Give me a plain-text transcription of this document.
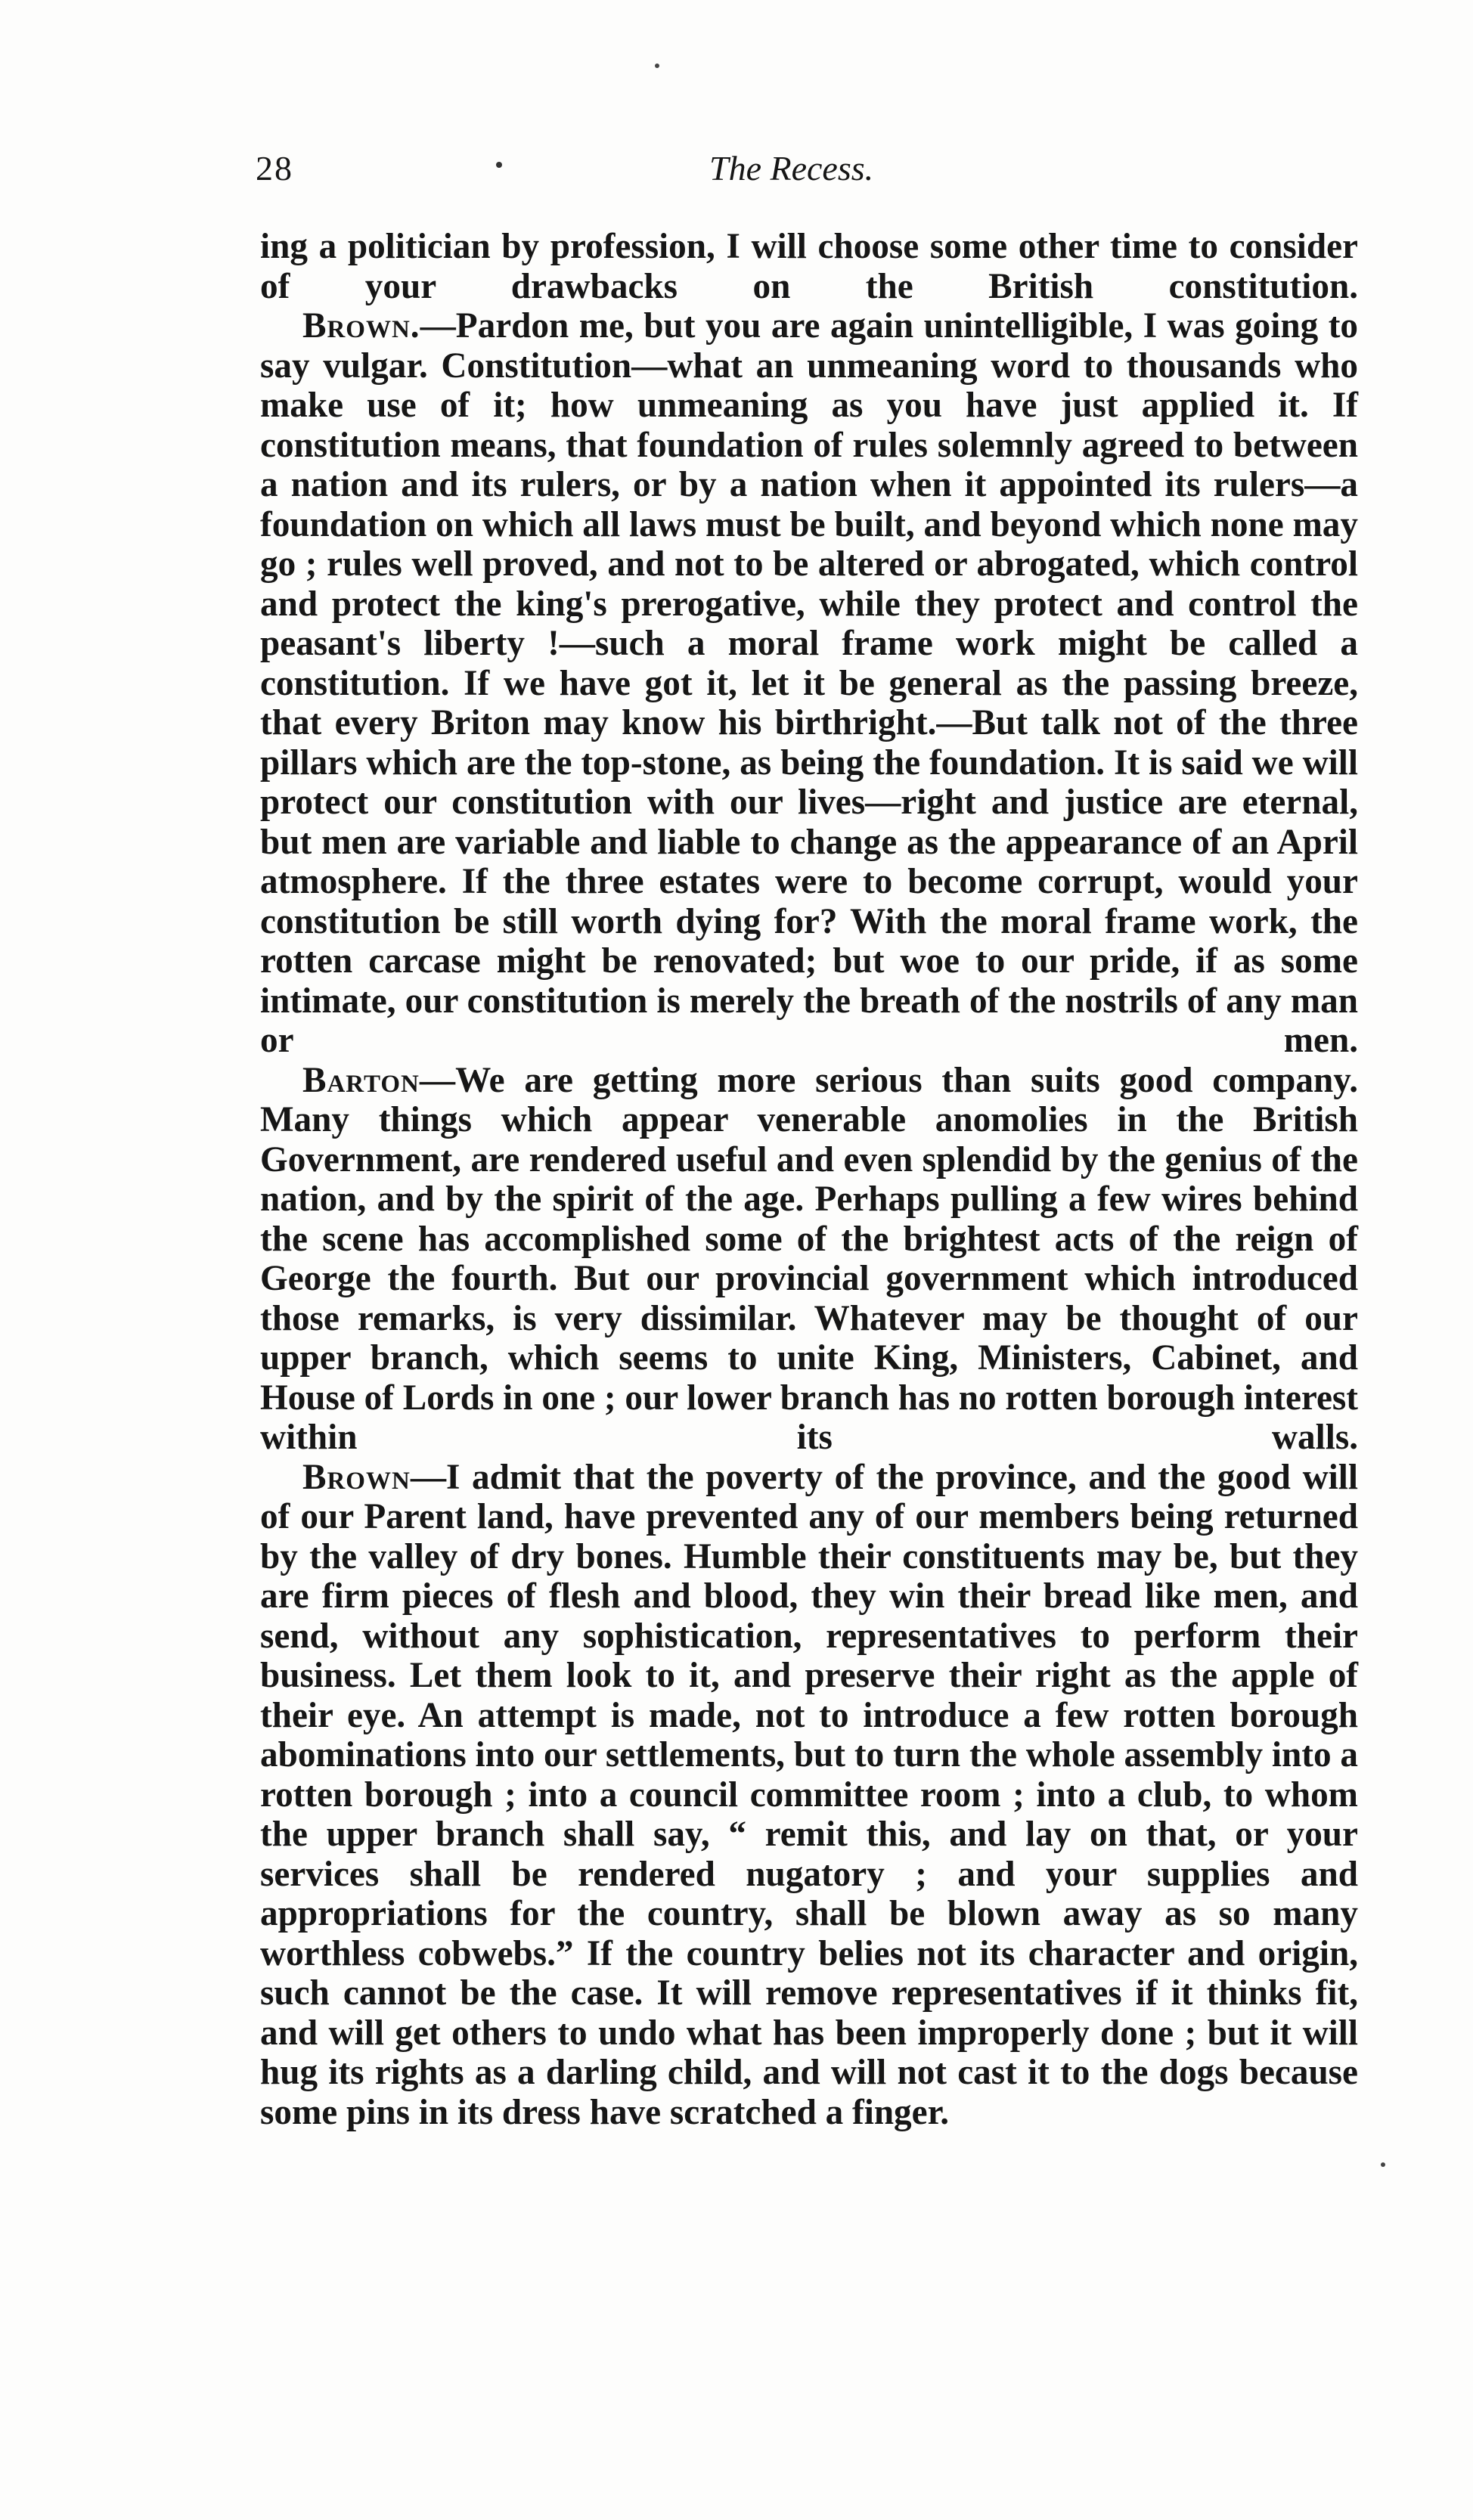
28	The Recess.

ing a politician by profession, I will choose some other time to consider of your drawbacks on the British constitution.

Brown.—Pardon me, but you are again unintelligible, I was going to say vulgar. Constitution—what an unmeaning word to thousands who make use of it; how unmeaning as you have just applied it. If constitution means, that foundation of rules solemnly agreed to between a nation and its rulers, or by a nation when it appointed its rulers—a foundation on which all laws must be built, and beyond which none may go ; rules well proved, and not to be altered or abrogated, which control and protect the king's prerogative, while they protect and control the peasant's liberty !—such a moral frame work might be called a constitution. If we have got it, let it be general as the passing breeze, that every Briton may know his birthright.—But talk not of the three pillars which are the top-stone, as being the foundation. It is said we will protect our constitution with our lives—right and justice are eternal, but men are variable and liable to change as the appearance of an April atmosphere. If the three estates were to become corrupt, would your constitution be still worth dying for? With the moral frame work, the rotten carcase might be renovated; but woe to our pride, if as some intimate, our constitution is merely the breath of the nostrils of any man or men.

Barton—We are getting more serious than suits good company. Many things which appear venerable anomolies in the British Government, are rendered useful and even splendid by the genius of the nation, and by the spirit of the age. Perhaps pulling a few wires behind the scene has accomplished some of the brightest acts of the reign of George the fourth. But our provincial government which introduced those remarks, is very dissimilar. Whatever may be thought of our upper branch, which seems to unite King, Ministers, Cabinet, and House of Lords in one ; our lower branch has no rotten borough interest within its walls.

Brown—I admit that the poverty of the province, and the good will of our Parent land, have prevented any of our members being returned by the valley of dry bones. Humble their constituents may be, but they are firm pieces of flesh and blood, they win their bread like men, and send, without any sophistication, representatives to perform their business. Let them look to it, and preserve their right as the apple of their eye. An attempt is made, not to introduce a few rotten borough abominations into our settlements, but to turn the whole assembly into a rotten borough ; into a council committee room ; into a club, to whom the upper branch shall say, “ remit this, and lay on that, or your services shall be rendered nugatory ; and your supplies and appropriations for the country, shall be blown away as so many worthless cobwebs.” If the country belies not its character and origin, such cannot be the case. It will remove representatives if it thinks fit, and will get others to undo what has been improperly done ; but it will hug its rights as a darling child, and will not cast it to the dogs because some pins in its dress have scratched a finger.
